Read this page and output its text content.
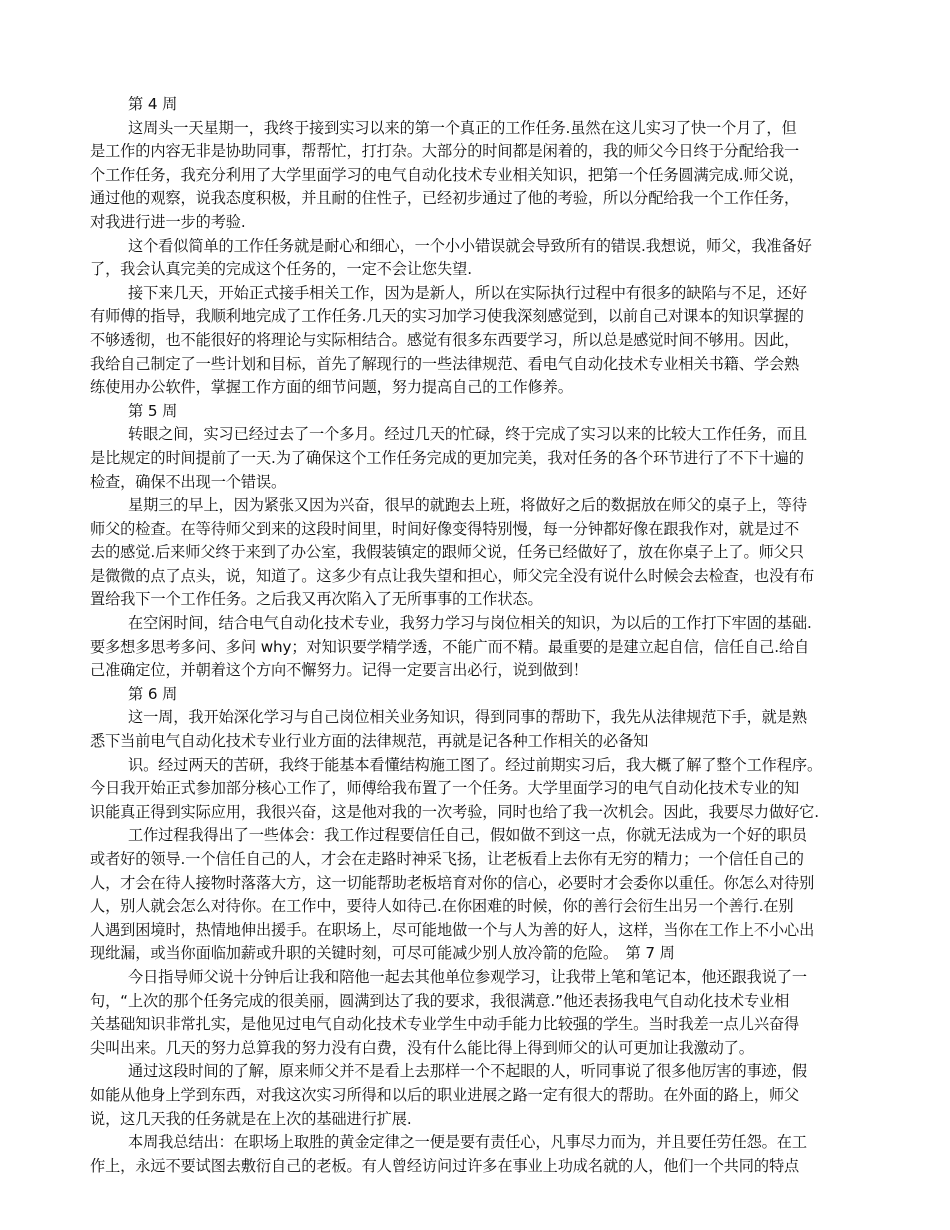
第 4 周
这周头一天星期一，我终于接到实习以来的第一个真正的工作任务.虽然在这儿实习了快一个月了，但
是工作的内容无非是协助同事，帮帮忙，打打杂。大部分的时间都是闲着的，我的师父今日终于分配给我一
个工作任务，我充分利用了大学里面学习的电气自动化技术专业相关知识，把第一个任务圆满完成.师父说，
通过他的观察，说我态度积极，并且耐的住性子，已经初步通过了他的考验，所以分配给我一个工作任务，
对我进行进一步的考验.
这个看似简单的工作任务就是耐心和细心，一个小小错误就会导致所有的错误.我想说，师父，我准备好
了，我会认真完美的完成这个任务的，一定不会让您失望.
接下来几天，开始正式接手相关工作，因为是新人，所以在实际执行过程中有很多的缺陷与不足，还好
有师傅的指导，我顺利地完成了工作任务.几天的实习加学习使我深刻感觉到，以前自己对课本的知识掌握的
不够透彻，也不能很好的将理论与实际相结合。感觉有很多东西要学习，所以总是感觉时间不够用。因此，
我给自己制定了一些计划和目标，首先了解现行的一些法律规范、看电气自动化技术专业相关书籍、学会熟
练使用办公软件，掌握工作方面的细节问题，努力提高自己的工作修养。
第 5 周
转眼之间，实习已经过去了一个多月。经过几天的忙碌，终于完成了实习以来的比较大工作任务，而且
是比规定的时间提前了一天.为了确保这个工作任务完成的更加完美，我对任务的各个环节进行了不下十遍的
检查，确保不出现一个错误。
星期三的早上，因为紧张又因为兴奋，很早的就跑去上班，将做好之后的数据放在师父的桌子上，等待
师父的检查。在等待师父到来的这段时间里，时间好像变得特别慢，每一分钟都好像在跟我作对，就是过不
去的感觉.后来师父终于来到了办公室，我假装镇定的跟师父说，任务已经做好了，放在你桌子上了。师父只
是微微的点了点头，说，知道了。这多少有点让我失望和担心，师父完全没有说什么时候会去检查，也没有布
置给我下一个工作任务。之后我又再次陷入了无所事事的工作状态。
在空闲时间，结合电气自动化技术专业，我努力学习与岗位相关的知识，为以后的工作打下牢固的基础.
要多想多思考多问、多问 why；对知识要学精学透，不能广而不精。最重要的是建立起自信，信任自己.给自
己准确定位，并朝着这个方向不懈努力。记得一定要言出必行，说到做到！
第 6 周
这一周，我开始深化学习与自己岗位相关业务知识，得到同事的帮助下，我先从法律规范下手，就是熟
悉下当前电气自动化技术专业行业方面的法律规范，再就是记各种工作相关的必备知
识。经过两天的苦研，我终于能基本看懂结构施工图了。经过前期实习后，我大概了解了整个工作程序。
今日我开始正式参加部分核心工作了，师傅给我布置了一个任务。大学里面学习的电气自动化技术专业的知
识能真正得到实际应用，我很兴奋，这是他对我的一次考验，同时也给了我一次机会。因此，我要尽力做好它.
工作过程我得出了一些体会：我工作过程要信任自己，假如做不到这一点，你就无法成为一个好的职员
或者好的领导.一个信任自己的人，才会在走路时神采飞扬，让老板看上去你有无穷的精力；一个信任自己的
人，才会在待人接物时落落大方，这一切能帮助老板培育对你的信心，必要时才会委你以重任。你怎么对待别
人，别人就会怎么对待你。在工作中，要待人如待己.在你困难的时候，你的善行会衍生出另一个善行.在别
人遇到困境时，热情地伸出援手。在职场上，尽可能地做一个与人为善的好人，这样，当你在工作上不小心出
现纰漏，或当你面临加薪或升职的关键时刻，可尽可能减少别人放冷箭的危险。　第 7 周
今日指导师父说十分钟后让我和陪他一起去其他单位参观学习，让我带上笔和笔记本，他还跟我说了一
句，“上次的那个任务完成的很美丽，圆满到达了我的要求，我很满意.”他还表扬我电气自动化技术专业相
关基础知识非常扎实，是他见过电气自动化技术专业学生中动手能力比较强的学生。当时我差一点儿兴奋得
尖叫出来。几天的努力总算我的努力没有白费，没有什么能比得上得到师父的认可更加让我激动了。
通过这段时间的了解，原来师父并不是看上去那样一个不起眼的人，听同事说了很多他厉害的事迹，假
如能从他身上学到东西，对我这次实习所得和以后的职业进展之路一定有很大的帮助。在外面的路上，师父
说，这几天我的任务就是在上次的基础进行扩展.
本周我总结出：在职场上取胜的黄金定律之一便是要有责任心，凡事尽力而为，并且要任劳任怨。在工
作上，永远不要试图去敷衍自己的老板。有人曾经访问过许多在事业上功成名就的人，他们一个共同的特点
